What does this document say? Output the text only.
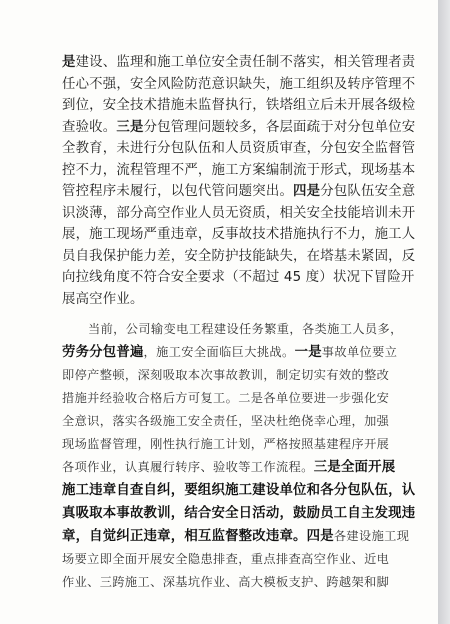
是建设、监理和施工单位安全责任制不落实，相关管理者责
任心不强，安全风险防范意识缺失，施工组织及转序管理不
到位，安全技术措施未监督执行，铁塔组立后未开展各级检
查验收。三是分包管理问题较多，各层面疏于对分包单位安
全教育，未进行分包队伍和人员资质审查，分包安全监督管
控不力，流程管理不严，施工方案编制流于形式，现场基本
管控程序未履行，以包代管问题突出。四是分包队伍安全意
识淡薄，部分高空作业人员无资质，相关安全技能培训未开
展，施工现场严重违章，反事故技术措施执行不力，施工人
员自我保护能力差，安全防护技能缺失，在塔基未紧固，反
向拉线角度不符合安全要求（不超过 45 度）状况下冒险开
展高空作业。
当前，公司输变电工程建设任务繁重，各类施工人员多，
劳务分包普遍，施工安全面临巨大挑战。一是事故单位要立
即停产整顿，深刻吸取本次事故教训，制定切实有效的整改
措施并经验收合格后方可复工。二是各单位要进一步强化安
全意识，落实各级施工安全责任，坚决杜绝侥幸心理，加强
现场监督管理，刚性执行施工计划，严格按照基建程序开展
各项作业，认真履行转序、验收等工作流程。三是全面开展
施工违章自查自纠，要组织施工建设单位和各分包队伍，认
真吸取本事故教训，结合安全日活动，鼓励员工自主发现违
章，自觉纠正违章，相互监督整改违章。四是各建设施工现
场要立即全面开展安全隐患排查，重点排查高空作业、近电
作业、三跨施工、深基坑作业、高大模板支护、跨越架和脚
